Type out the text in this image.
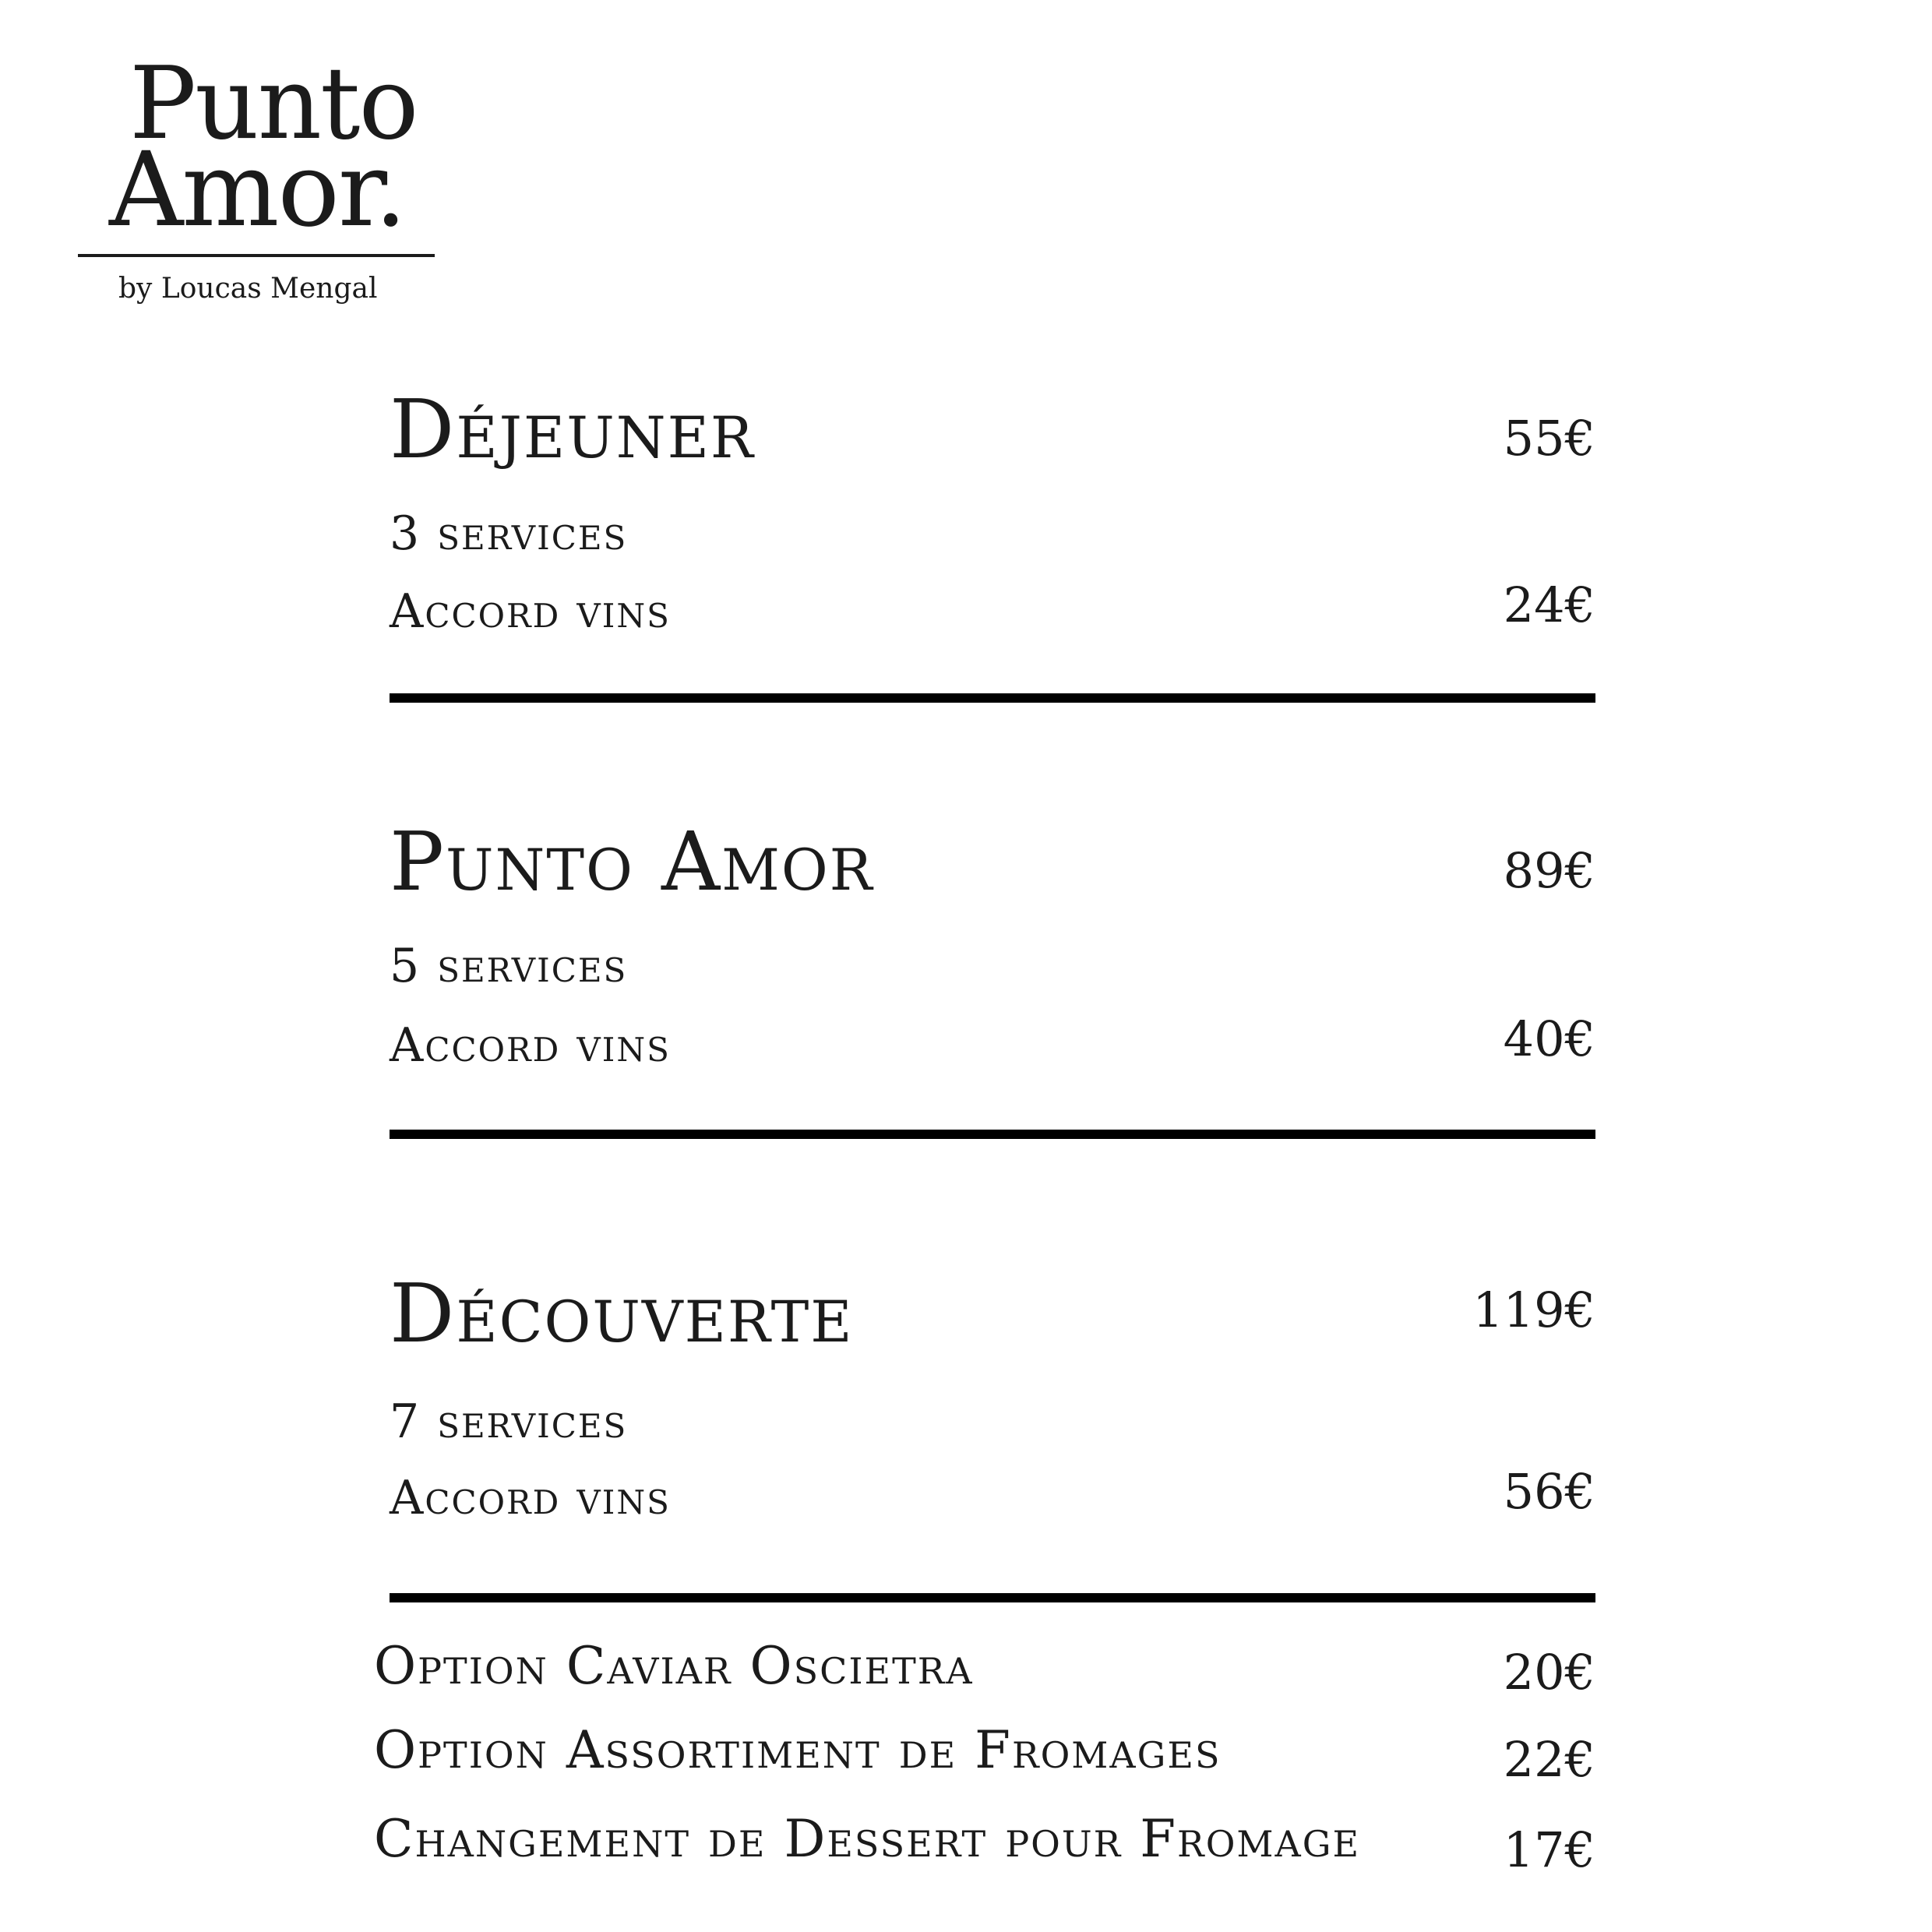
Punto
Amor.
by Loucas Mengal
Déjeuner	55€
3 services
Accord vins	24€
Punto Amor	89€
5 services
Accord vins	40€
Découverte	119€
7 services
Accord vins	56€
Option Caviar Oscietra	20€
Option Assortiment de Fromages	22€
Changement de Dessert pour Fromage	17€
